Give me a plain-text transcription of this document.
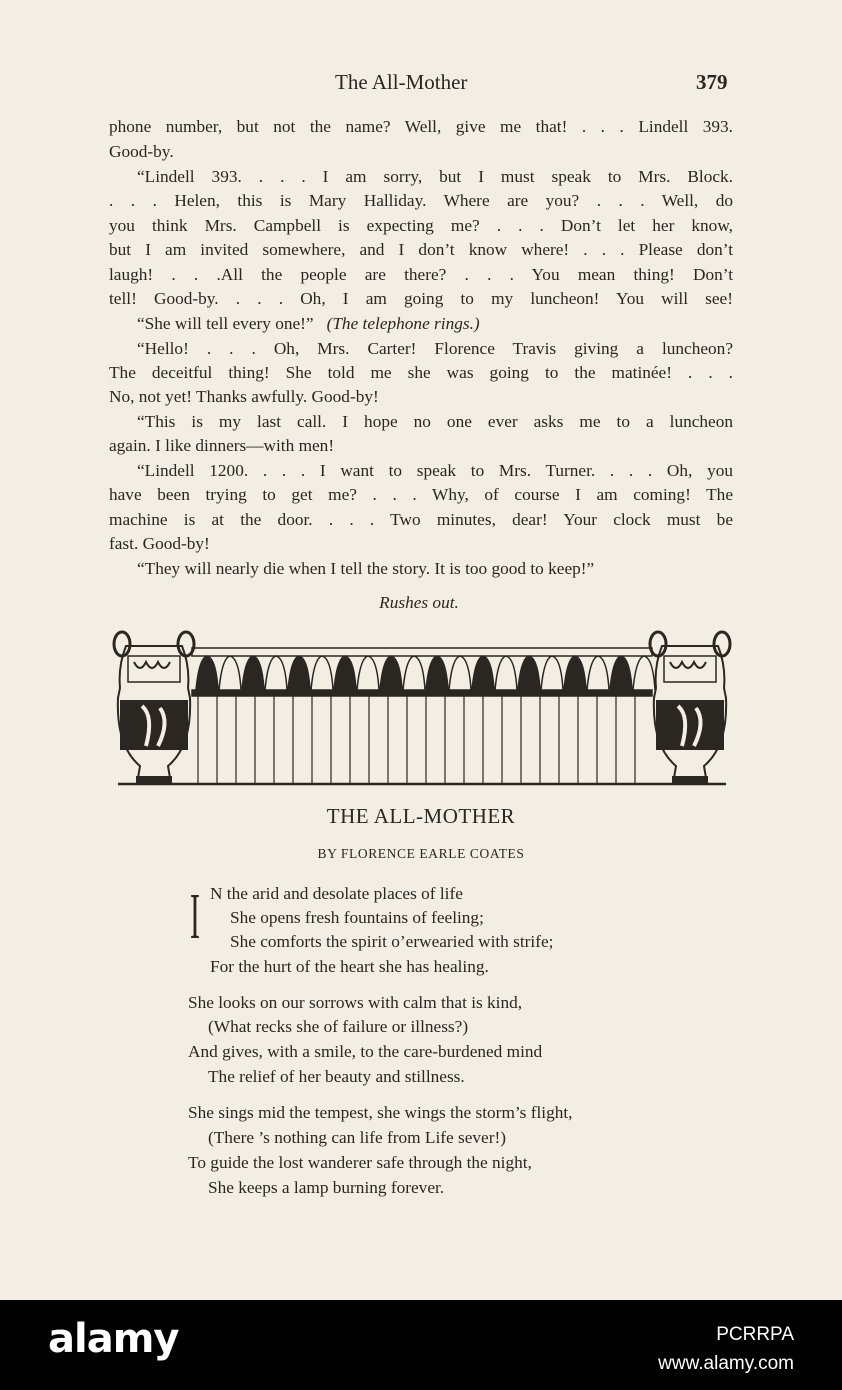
The All-Mother	379
phone number, but not the name? Well, give me that! . . . Lindell 393.
Good-by.
“Lindell 393. . . . I am sorry, but I must speak to Mrs. Block.
. . . Helen, this is Mary Halliday. Where are you? . . . Well, do
you think Mrs. Campbell is expecting me? . . . Don’t let her know,
but I am invited somewhere, and I don’t know where! . . . Please don’t
laugh! . . .All the people are there? . . . You mean thing! Don’t
tell! Good-by. . . . Oh, I am going to my luncheon! You will see!
“Hello! . . . Oh, Mrs. Carter! Florence Travis giving a luncheon?
The deceitful thing! She told me she was going to the matinée! . . .
No, not yet! Thanks awfully. Good-by!
“This is my last call. I hope no one ever asks me to a luncheon
again. I like dinners—with men!
“Lindell 1200. . . . I want to speak to Mrs. Turner. . . . Oh, you
have been trying to get me? . . . Why, of course I am coming! The
machine is at the door. . . . Two minutes, dear! Your clock must be
fast. Good-by!
“They will nearly die when I tell the story. It is too good to keep!”
“She will tell every one!” (The telephone rings.)
Rushes out.
THE ALL-MOTHER
BY FLORENCE EARLE COATES
I N the arid and desolate places of life
She opens fresh fountains of feeling;
She comforts the spirit o’erwearied with strife;
For the hurt of the heart she has healing.
She looks on our sorrows with calm that is kind,
(What recks she of failure or illness?)
And gives, with a smile, to the care-burdened mind
The relief of her beauty and stillness.
She sings mid the tempest, she wings the storm’s flight,
(There ’s nothing can life from Life sever!)
To guide the lost wanderer safe through the night,
She keeps a lamp burning forever.
alamy	PCRRPA
www.alamy.com
